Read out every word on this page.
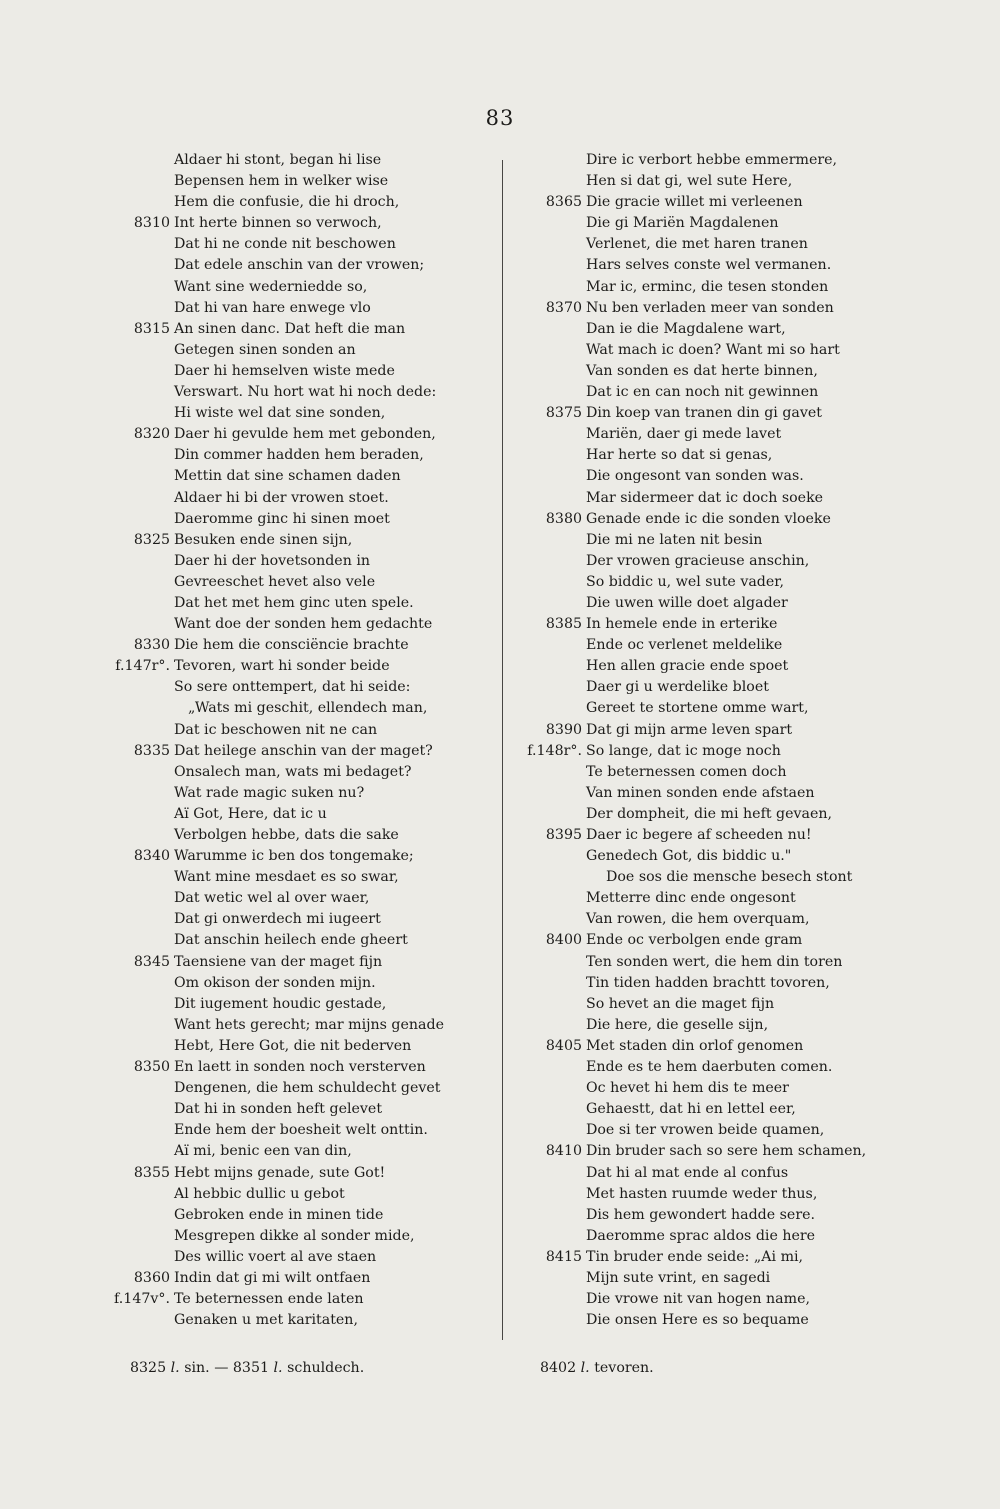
83
Aldaer hi stont, began hi lise
Bepensen hem in welker wise
Hem die confusie, die hi droch,
8310 Int herte binnen so verwoch,
Dat hi ne conde nit beschowen
Dat edele anschin van der vrowen;
Want sine wederniedde so,
Dat hi van hare enwege vlo
8315 An sinen danc. Dat heft die man
Getegen sinen sonden an
Daer hi hemselven wiste mede
Verswart. Nu hort wat hi noch dede:
Hi wiste wel dat sine sonden,
8320 Daer hi gevulde hem met gebonden,
Din commer hadden hem beraden,
Mettin dat sine schamen daden
Aldaer hi bi der vrowen stoet.
Daeromme ginc hi sinen moet
8325 Besuken ende sinen sijn,
Daer hi der hovetsonden in
Gevreeschet hevet also vele
Dat het met hem ginc uten spele.
Want doe der sonden hem gedachte
8330 Die hem die consciëncie brachte
f.147r°. Tevoren, wart hi sonder beide
So sere onttempert, dat hi seide:
„Wats mi geschit, ellendech man,
Dat ic beschowen nit ne can
8335 Dat heilege anschin van der maget?
Onsalech man, wats mi bedaget?
Wat rade magic suken nu?
Aï Got, Here, dat ic u
Verbolgen hebbe, dats die sake
8340 Warumme ic ben dos tongemake;
Want mine mesdaet es so swar,
Dat wetic wel al over waer,
Dat gi onwerdech mi iugeert
Dat anschin heilech ende gheert
8345 Taensiene van der maget fijn
Om okison der sonden mijn.
Dit iugement houdic gestade,
Want hets gerecht; mar mijns genade
Hebt, Here Got, die nit bederven
8350 En laett in sonden noch versterven
Dengenen, die hem schuldecht gevet
Dat hi in sonden heft gelevet
Ende hem der boesheit welt onttin.
Aï mi, benic een van din,
8355 Hebt mijns genade, sute Got!
Al hebbic dullic u gebot
Gebroken ende in minen tide
Mesgrepen dikke al sonder mide,
Des willic voert al ave staen
8360 Indin dat gi mi wilt ontfaen
f.147v°. Te beternessen ende laten
Genaken u met karitaten,
Dire ic verbort hebbe emmermere,
Hen si dat gi, wel sute Here,
8365 Die gracie willet mi verleenen
Die gi Mariën Magdalenen
Verlenet, die met haren tranen
Hars selves conste wel vermanen.
Mar ic, erminc, die tesen stonden
8370 Nu ben verladen meer van sonden
Dan ie die Magdalene wart,
Wat mach ic doen? Want mi so hart
Van sonden es dat herte binnen,
Dat ic en can noch nit gewinnen
8375 Din koep van tranen din gi gavet
Mariën, daer gi mede lavet
Har herte so dat si genas,
Die ongesont van sonden was.
Mar sidermeer dat ic doch soeke
8380 Genade ende ic die sonden vloeke
Die mi ne laten nit besin
Der vrowen gracieuse anschin,
So biddic u, wel sute vader,
Die uwen wille doet algader
8385 In hemele ende in erterike
Ende oc verlenet meldelike
Hen allen gracie ende spoet
Daer gi u werdelike bloet
Gereet te stortene omme wart,
8390 Dat gi mijn arme leven spart
f.148r°. So lange, dat ic moge noch
Te beternessen comen doch
Van minen sonden ende afstaen
Der dompheit, die mi heft gevaen,
8395 Daer ic begere af scheeden nu!
Genedech Got, dis biddic u."
Doe sos die mensche besech stont
Metterre dinc ende ongesont
Van rowen, die hem overquam,
8400 Ende oc verbolgen ende gram
Ten sonden wert, die hem din toren
Tin tiden hadden brachtt tovoren,
So hevet an die maget fijn
Die here, die geselle sijn,
8405 Met staden din orlof genomen
Ende es te hem daerbuten comen.
Oc hevet hi hem dis te meer
Gehaestt, dat hi en lettel eer,
Doe si ter vrowen beide quamen,
8410 Din bruder sach so sere hem schamen,
Dat hi al mat ende al confus
Met hasten ruumde weder thus,
Dis hem gewondert hadde sere.
Daeromme sprac aldos die here
8415 Tin bruder ende seide: „Ai mi,
Mijn sute vrint, en sagedi
Die vrowe nit van hogen name,
Die onsen Here es so bequame
8325 l. sin. — 8351 l. schuldech.	8402 l. tevoren.
